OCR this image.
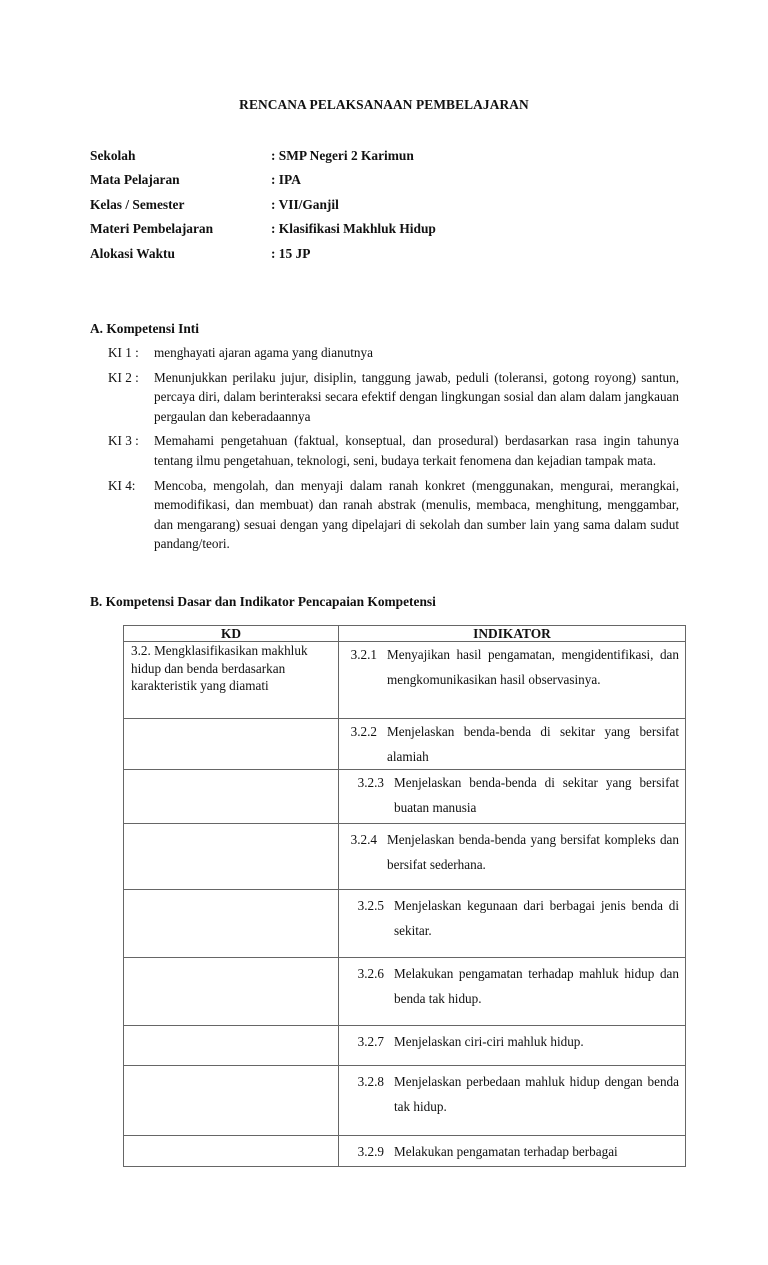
RENCANA PELAKSANAAN PEMBELAJARAN
Sekolah	: SMP Negeri 2 Karimun
Mata Pelajaran	: IPA
Kelas / Semester	: VII/Ganjil
Materi Pembelajaran	: Klasifikasi Makhluk Hidup
Alokasi Waktu	: 15 JP
A. Kompetensi Inti
KI 1 :	menghayati ajaran agama yang dianutnya
KI 2 :	Menunjukkan perilaku jujur, disiplin, tanggung jawab, peduli (toleransi, gotong royong) santun, percaya diri, dalam berinteraksi secara efektif dengan lingkungan sosial dan alam dalam jangkauan pergaulan dan keberadaannya
KI 3 :	Memahami pengetahuan (faktual, konseptual, dan prosedural) berdasarkan rasa ingin tahunya tentang ilmu pengetahuan, teknologi, seni, budaya terkait fenomena dan kejadian tampak mata.
KI 4:	Mencoba, mengolah, dan menyaji dalam ranah konkret (menggunakan, mengurai, merangkai, memodifikasi, dan membuat) dan ranah abstrak (menulis, membaca, menghitung, menggambar, dan mengarang) sesuai dengan yang dipelajari di sekolah dan sumber lain yang sama dalam sudut pandang/teori.
B. Kompetensi Dasar dan Indikator Pencapaian Kompetensi
KD	INDIKATOR
3.2. Mengklasifikasikan makhluk hidup dan benda berdasarkan karakteristik yang diamati	3.2.1 Menyajikan hasil pengamatan, mengidentifikasi, dan mengkomunikasikan hasil observasinya.

	3.2.2 Menjelaskan benda-benda di sekitar yang bersifat alamiah

	3.2.3 Menjelaskan benda-benda di sekitar yang bersifat buatan manusia

	3.2.4 Menjelaskan benda-benda yang bersifat kompleks dan bersifat sederhana.

	3.2.5 Menjelaskan kegunaan dari berbagai jenis benda di sekitar.

	3.2.6 Melakukan pengamatan terhadap mahluk hidup dan benda tak hidup.

	3.2.7 Menjelaskan ciri-ciri mahluk hidup.

	3.2.8 Menjelaskan perbedaan mahluk hidup dengan benda tak hidup.

	3.2.9 Melakukan pengamatan terhadap berbagai
